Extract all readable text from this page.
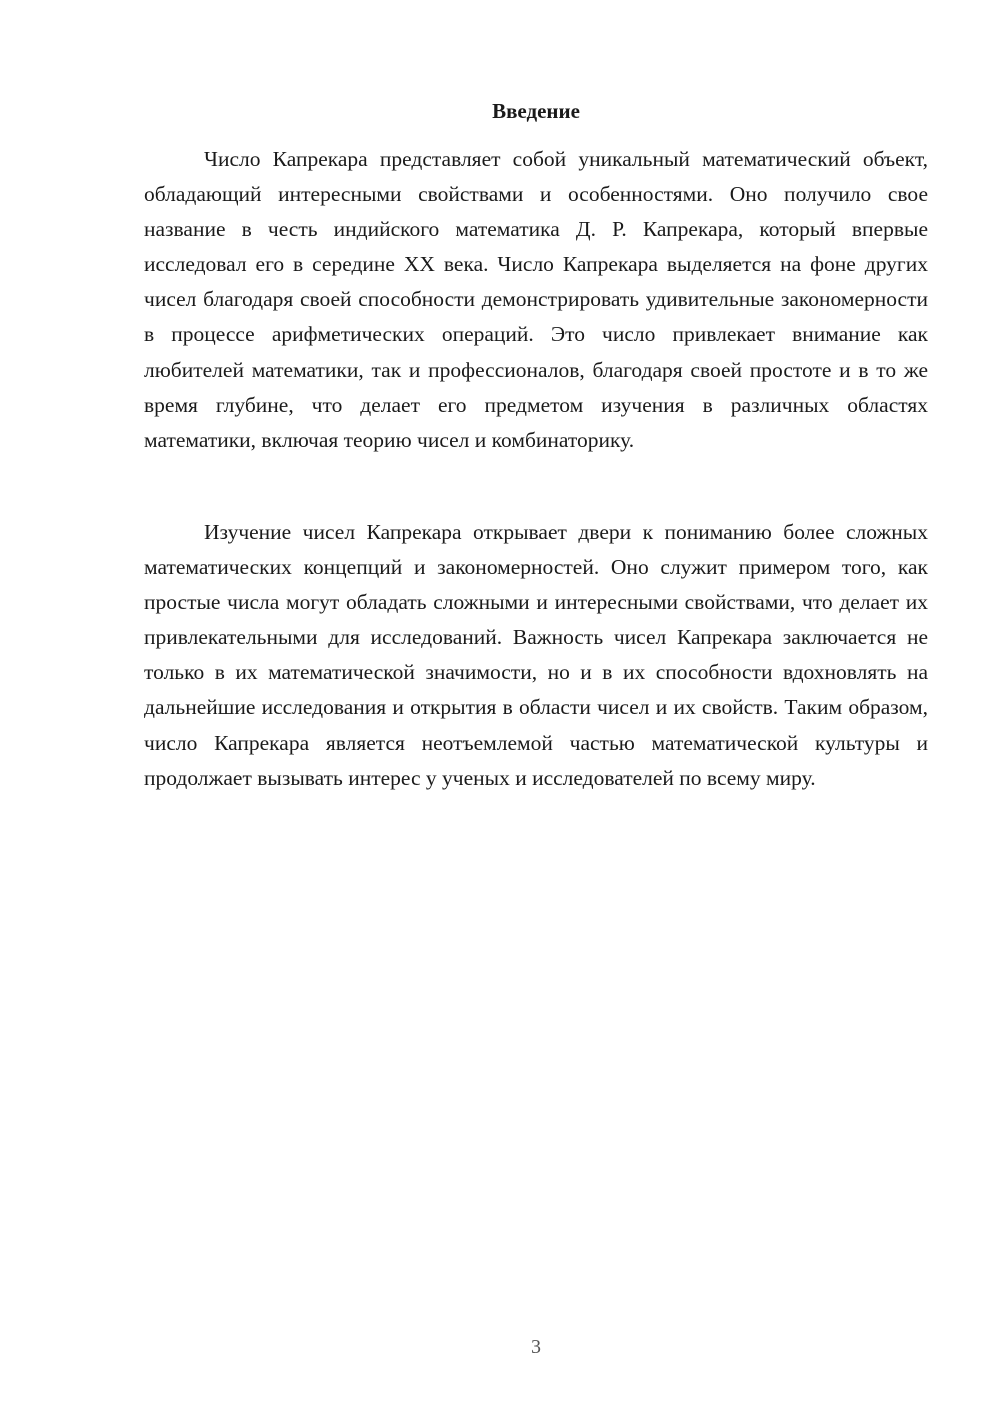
Введение

Число Капрекара представляет собой уникальный математический объект, обладающий интересными свойствами и особенностями. Оно получило свое название в честь индийского математика Д. Р. Капрекара, который впервые исследовал его в середине XX века. Число Капрекара выделяется на фоне других чисел благодаря своей способности демонстрировать удивительные закономерности в процессе арифметических операций. Это число привлекает внимание как любителей математики, так и профессионалов, благодаря своей простоте и в то же время глубине, что делает его предметом изучения в различных областях математики, включая теорию чисел и комбинаторику.

Изучение чисел Капрекара открывает двери к пониманию более сложных математических концепций и закономерностей. Оно служит примером того, как простые числа могут обладать сложными и интересными свойствами, что делает их привлекательными для исследований. Важность чисел Капрекара заключается не только в их математической значимости, но и в их способности вдохновлять на дальнейшие исследования и открытия в области чисел и их свойств. Таким образом, число Капрекара является неотъемлемой частью математической культуры и продолжает вызывать интерес у ученых и исследователей по всему миру.

3
